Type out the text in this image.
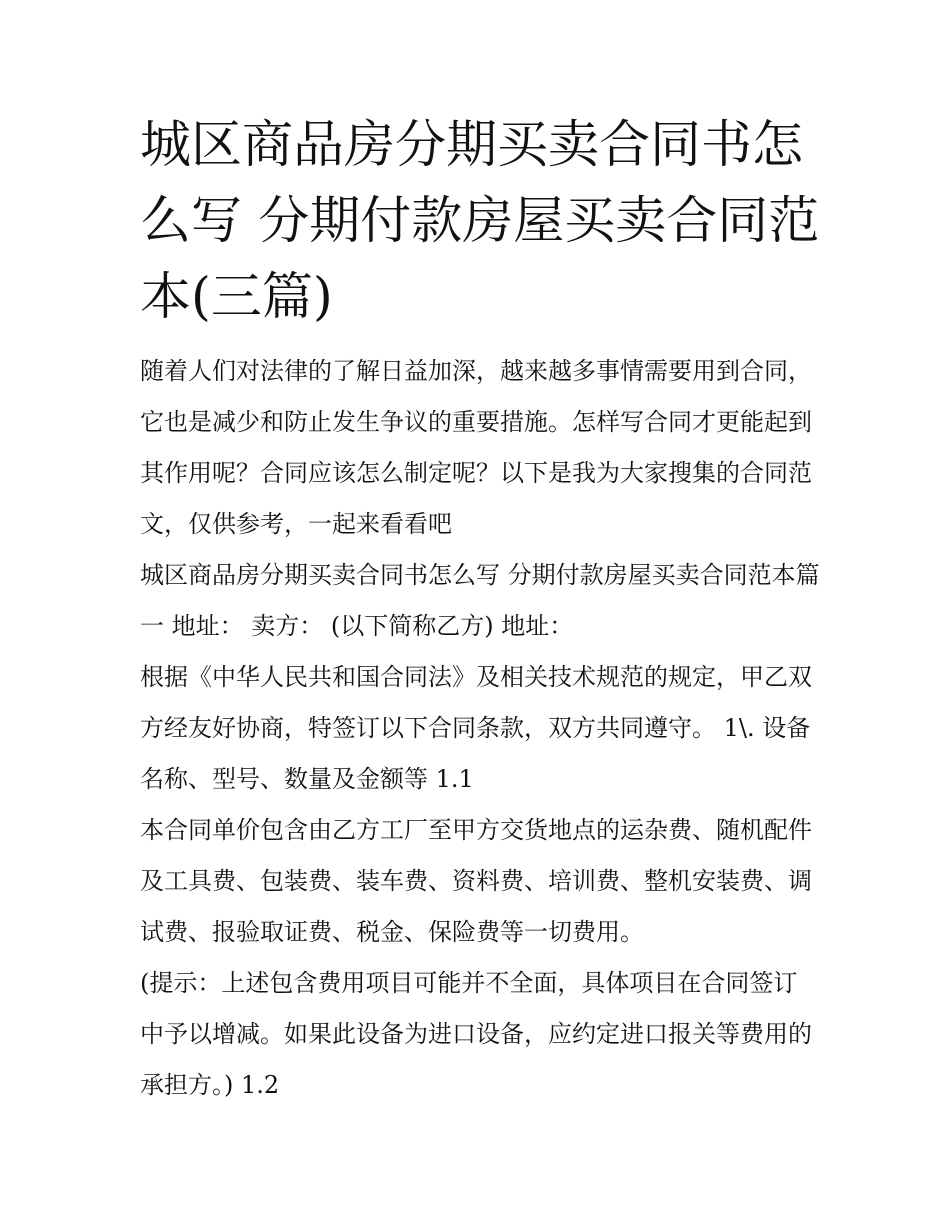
城区商品房分期买卖合同书怎么写 分期付款房屋买卖合同范本(三篇)

随着人们对法律的了解日益加深，越来越多事情需要用到合同，它也是减少和防止发生争议的重要措施。怎样写合同才更能起到其作用呢？合同应该怎么制定呢？以下是我为大家搜集的合同范文，仅供参考，一起来看看吧

城区商品房分期买卖合同书怎么写 分期付款房屋买卖合同范本篇一 地址： 卖方： (以下简称乙方) 地址：

根据《中华人民共和国合同法》及相关技术规范的规定，甲乙双方经友好协商，特签订以下合同条款，双方共同遵守。 1\. 设备名称、型号、数量及金额等 1.1

本合同单价包含由乙方工厂至甲方交货地点的运杂费、随机配件及工具费、包装费、装车费、资料费、培训费、整机安装费、调试费、报验取证费、税金、保险费等一切费用。

(提示：上述包含费用项目可能并不全面，具体项目在合同签订中予以增减。如果此设备为进口设备，应约定进口报关等费用的承担方。) 1.2
